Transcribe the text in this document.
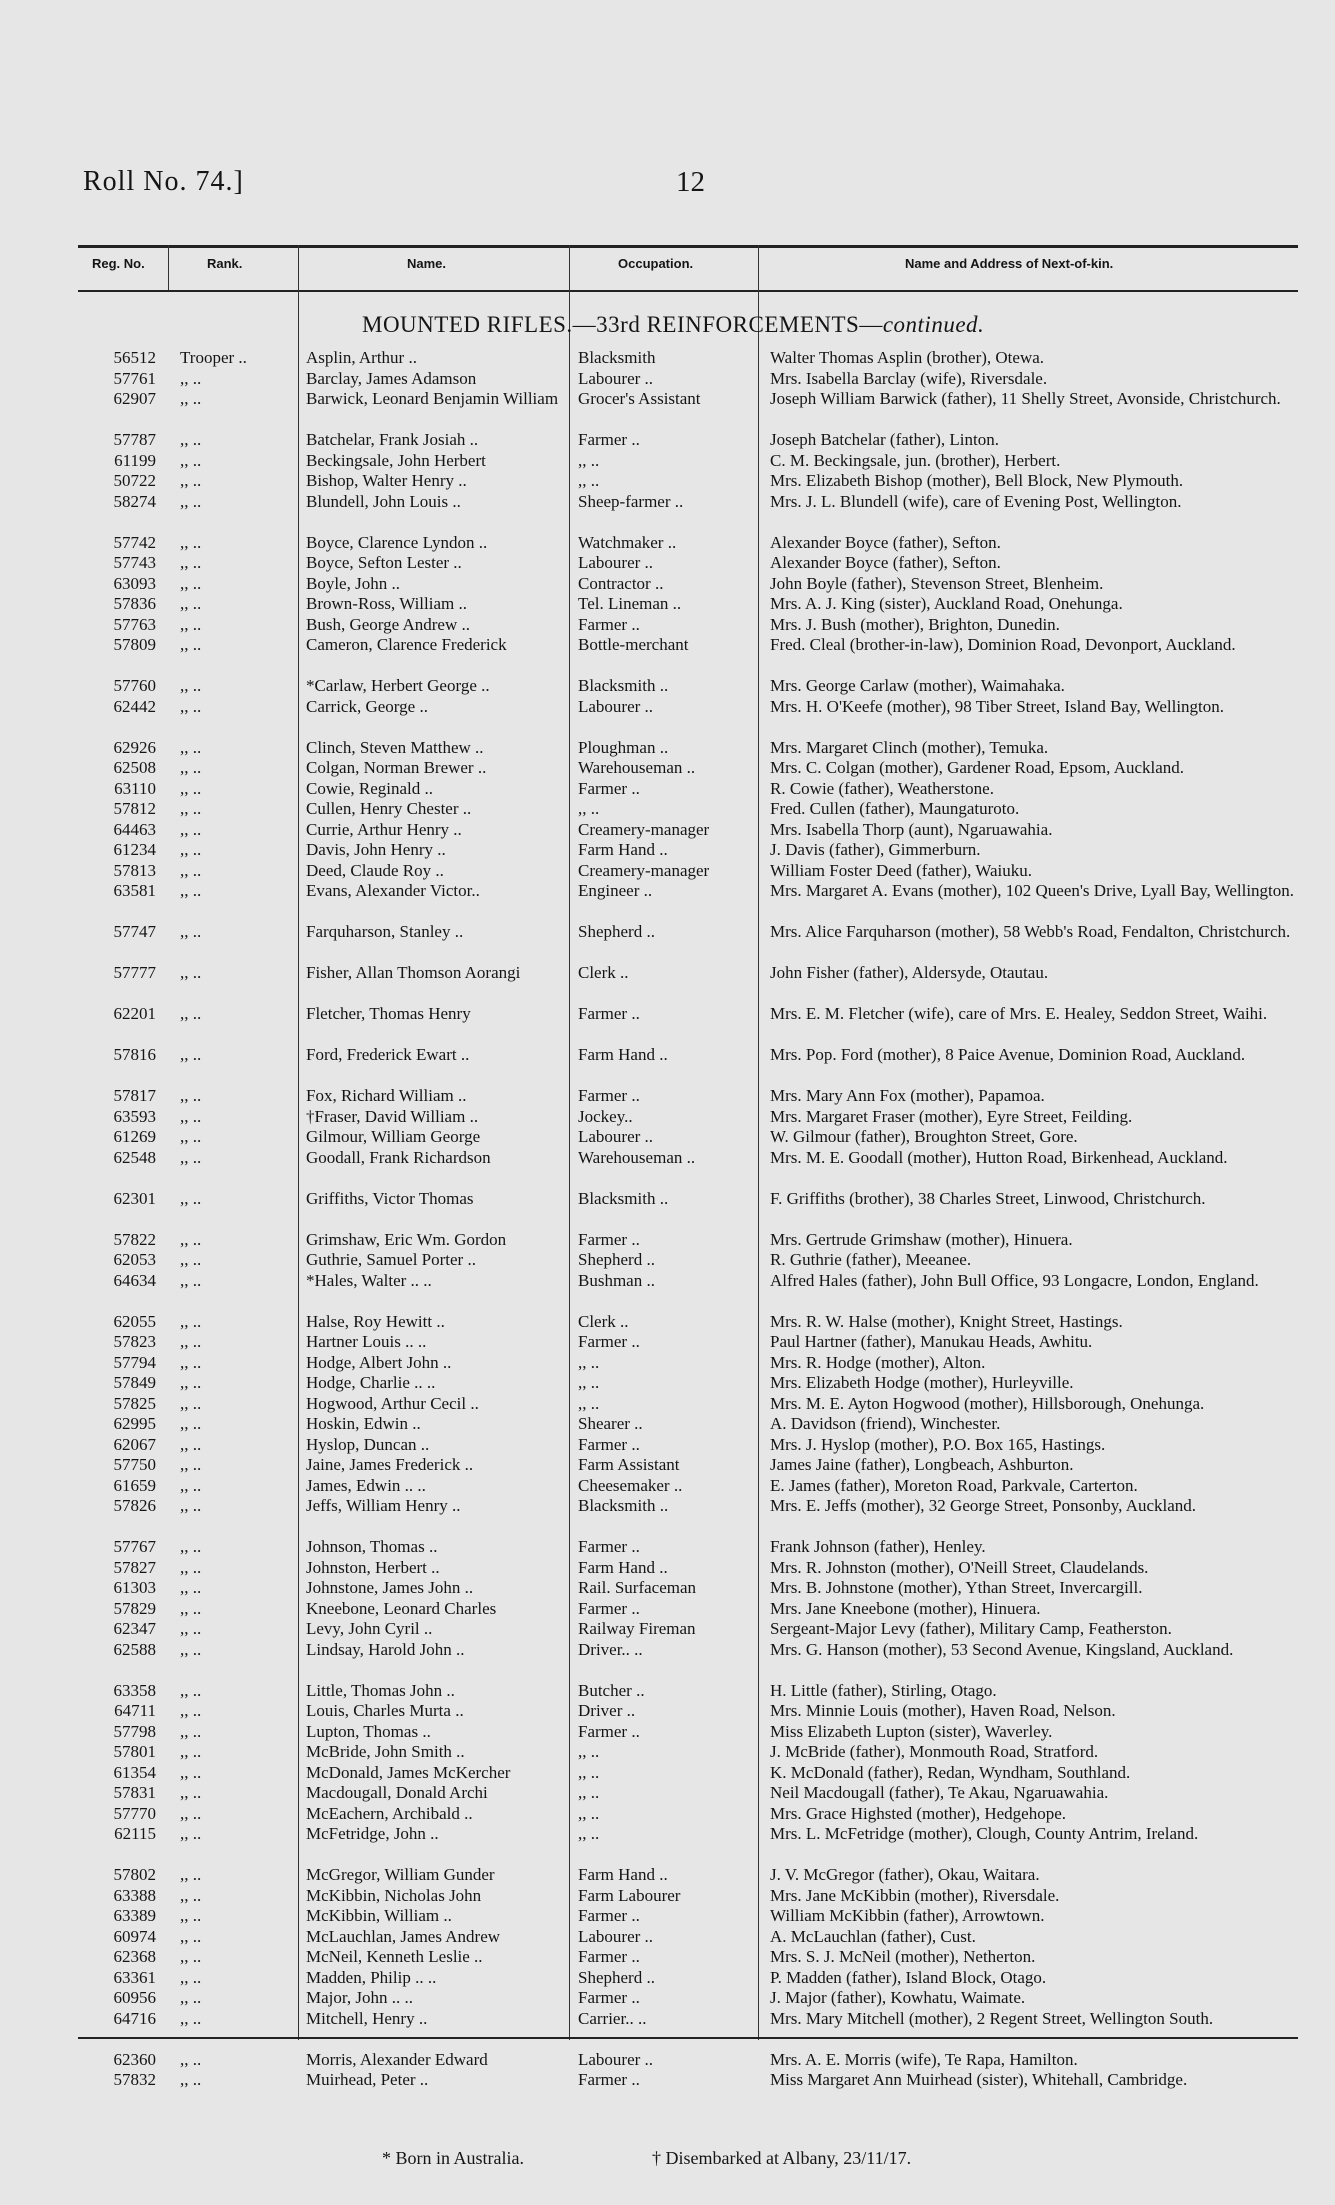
Roll No. 74.]	12
Reg. No.	Rank.	Name.	Occupation.	Name and Address of Next-of-kin.
MOUNTED RIFLES.—33rd REINFORCEMENTS—continued.
56512 Trooper ..	Asplin, Arthur ..	Blacksmith	Walter Thomas Asplin (brother), Otewa.
57761 ,, ..	Barclay, James Adamson	Labourer ..	Mrs. Isabella Barclay (wife), Riversdale.
62907 ,, ..	Barwick, Leonard Benjamin William	Grocer's Assistant	Joseph William Barwick (father), 11 Shelly Street, Avonside, Christchurch.
57787 ,, ..	Batchelar, Frank Josiah ..	Farmer ..	Joseph Batchelar (father), Linton.
61199 ,, ..	Beckingsale, John Herbert	,, ..	C. M. Beckingsale, jun. (brother), Herbert.
50722 ,, ..	Bishop, Walter Henry ..	,, ..	Mrs. Elizabeth Bishop (mother), Bell Block, New Plymouth.
58274 ,, ..	Blundell, John Louis ..	Sheep-farmer ..	Mrs. J. L. Blundell (wife), care of Evening Post, Wellington.
57742 ,, ..	Boyce, Clarence Lyndon ..	Watchmaker ..	Alexander Boyce (father), Sefton.
57743 ,, ..	Boyce, Sefton Lester ..	Labourer ..	Alexander Boyce (father), Sefton.
63093 ,, ..	Boyle, John ..	Contractor ..	John Boyle (father), Stevenson Street, Blenheim.
57836 ,, ..	Brown-Ross, William ..	Tel. Lineman ..	Mrs. A. J. King (sister), Auckland Road, Onehunga.
57763 ,, ..	Bush, George Andrew ..	Farmer ..	Mrs. J. Bush (mother), Brighton, Dunedin.
57809 ,, ..	Cameron, Clarence Frederick	Bottle-merchant	Fred. Cleal (brother-in-law), Dominion Road, Devonport, Auckland.
57760 ,, ..	*Carlaw, Herbert George ..	Blacksmith ..	Mrs. George Carlaw (mother), Waimahaka.
62442 ,, ..	Carrick, George ..	Labourer ..	Mrs. H. O'Keefe (mother), 98 Tiber Street, Island Bay, Wellington.
62926 ,, ..	Clinch, Steven Matthew ..	Ploughman ..	Mrs. Margaret Clinch (mother), Temuka.
62508 ,, ..	Colgan, Norman Brewer ..	Warehouseman ..	Mrs. C. Colgan (mother), Gardener Road, Epsom, Auckland.
63110 ,, ..	Cowie, Reginald ..	Farmer ..	R. Cowie (father), Weatherstone.
57812 ,, ..	Cullen, Henry Chester ..	,, ..	Fred. Cullen (father), Maungaturoto.
64463 ,, ..	Currie, Arthur Henry ..	Creamery-manager	Mrs. Isabella Thorp (aunt), Ngaruawahia.
61234 ,, ..	Davis, John Henry ..	Farm Hand ..	J. Davis (father), Gimmerburn.
57813 ,, ..	Deed, Claude Roy ..	Creamery-manager	William Foster Deed (father), Waiuku.
63581 ,, ..	Evans, Alexander Victor..	Engineer ..	Mrs. Margaret A. Evans (mother), 102 Queen's Drive, Lyall Bay, Wellington.
57747 ,, ..	Farquharson, Stanley ..	Shepherd ..	Mrs. Alice Farquharson (mother), 58 Webb's Road, Fendalton, Christchurch.
57777 ,, ..	Fisher, Allan Thomson Aorangi	Clerk ..	John Fisher (father), Aldersyde, Otautau.
62201 ,, ..	Fletcher, Thomas Henry	Farmer ..	Mrs. E. M. Fletcher (wife), care of Mrs. E. Healey, Seddon Street, Waihi.
57816 ,, ..	Ford, Frederick Ewart ..	Farm Hand ..	Mrs. Pop. Ford (mother), 8 Paice Avenue, Dominion Road, Auckland.
57817 ,, ..	Fox, Richard William ..	Farmer ..	Mrs. Mary Ann Fox (mother), Papamoa.
63593 ,, ..	†Fraser, David William ..	Jockey..	Mrs. Margaret Fraser (mother), Eyre Street, Feilding.
61269 ,, ..	Gilmour, William George	Labourer ..	W. Gilmour (father), Broughton Street, Gore.
62548 ,, ..	Goodall, Frank Richardson	Warehouseman ..	Mrs. M. E. Goodall (mother), Hutton Road, Birkenhead, Auckland.
62301 ,, ..	Griffiths, Victor Thomas	Blacksmith ..	F. Griffiths (brother), 38 Charles Street, Linwood, Christchurch.
57822 ,, ..	Grimshaw, Eric Wm. Gordon	Farmer ..	Mrs. Gertrude Grimshaw (mother), Hinuera.
62053 ,, ..	Guthrie, Samuel Porter ..	Shepherd ..	R. Guthrie (father), Meeanee.
64634 ,, ..	*Hales, Walter .. ..	Bushman ..	Alfred Hales (father), John Bull Office, 93 Longacre, London, England.
62055 ,, ..	Halse, Roy Hewitt ..	Clerk ..	Mrs. R. W. Halse (mother), Knight Street, Hastings.
57823 ,, ..	Hartner Louis .. ..	Farmer ..	Paul Hartner (father), Manukau Heads, Awhitu.
57794 ,, ..	Hodge, Albert John ..	,, ..	Mrs. R. Hodge (mother), Alton.
57849 ,, ..	Hodge, Charlie .. ..	,, ..	Mrs. Elizabeth Hodge (mother), Hurleyville.
57825 ,, ..	Hogwood, Arthur Cecil ..	,, ..	Mrs. M. E. Ayton Hogwood (mother), Hillsborough, Onehunga.
62995 ,, ..	Hoskin, Edwin ..	Shearer ..	A. Davidson (friend), Winchester.
62067 ,, ..	Hyslop, Duncan ..	Farmer ..	Mrs. J. Hyslop (mother), P.O. Box 165, Hastings.
57750 ,, ..	Jaine, James Frederick ..	Farm Assistant	James Jaine (father), Longbeach, Ashburton.
61659 ,, ..	James, Edwin .. ..	Cheesemaker ..	E. James (father), Moreton Road, Parkvale, Carterton.
57826 ,, ..	Jeffs, William Henry ..	Blacksmith ..	Mrs. E. Jeffs (mother), 32 George Street, Ponsonby, Auckland.
57767 ,, ..	Johnson, Thomas ..	Farmer ..	Frank Johnson (father), Henley.
57827 ,, ..	Johnston, Herbert ..	Farm Hand ..	Mrs. R. Johnston (mother), O'Neill Street, Claudelands.
61303 ,, ..	Johnstone, James John ..	Rail. Surfaceman	Mrs. B. Johnstone (mother), Ythan Street, Invercargill.
57829 ,, ..	Kneebone, Leonard Charles	Farmer ..	Mrs. Jane Kneebone (mother), Hinuera.
62347 ,, ..	Levy, John Cyril ..	Railway Fireman	Sergeant-Major Levy (father), Military Camp, Featherston.
62588 ,, ..	Lindsay, Harold John ..	Driver.. ..	Mrs. G. Hanson (mother), 53 Second Avenue, Kingsland, Auckland.
63358 ,, ..	Little, Thomas John ..	Butcher ..	H. Little (father), Stirling, Otago.
64711 ,, ..	Louis, Charles Murta ..	Driver ..	Mrs. Minnie Louis (mother), Haven Road, Nelson.
57798 ,, ..	Lupton, Thomas ..	Farmer ..	Miss Elizabeth Lupton (sister), Waverley.
57801 ,, ..	McBride, John Smith ..	,, ..	J. McBride (father), Monmouth Road, Stratford.
61354 ,, ..	McDonald, James McKercher	,, ..	K. McDonald (father), Redan, Wyndham, Southland.
57831 ,, ..	Macdougall, Donald Archi	,, ..	Neil Macdougall (father), Te Akau, Ngaruawahia.
57770 ,, ..	McEachern, Archibald ..	,, ..	Mrs. Grace Highsted (mother), Hedgehope.
62115 ,, ..	McFetridge, John ..	,, ..	Mrs. L. McFetridge (mother), Clough, County Antrim, Ireland.
57802 ,, ..	McGregor, William Gunder	Farm Hand ..	J. V. McGregor (father), Okau, Waitara.
63388 ,, ..	McKibbin, Nicholas John	Farm Labourer	Mrs. Jane McKibbin (mother), Riversdale.
63389 ,, ..	McKibbin, William ..	Farmer ..	William McKibbin (father), Arrowtown.
60974 ,, ..	McLauchlan, James Andrew	Labourer ..	A. McLauchlan (father), Cust.
62368 ,, ..	McNeil, Kenneth Leslie ..	Farmer ..	Mrs. S. J. McNeil (mother), Netherton.
63361 ,, ..	Madden, Philip .. ..	Shepherd ..	P. Madden (father), Island Block, Otago.
60956 ,, ..	Major, John .. ..	Farmer ..	J. Major (father), Kowhatu, Waimate.
64716 ,, ..	Mitchell, Henry ..	Carrier.. ..	Mrs. Mary Mitchell (mother), 2 Regent Street, Wellington South.
62360 ,, ..	Morris, Alexander Edward	Labourer ..	Mrs. A. E. Morris (wife), Te Rapa, Hamilton.
57832 ,, ..	Muirhead, Peter ..	Farmer ..	Miss Margaret Ann Muirhead (sister), Whitehall, Cambridge.
* Born in Australia.	† Disembarked at Albany, 23/11/17.
